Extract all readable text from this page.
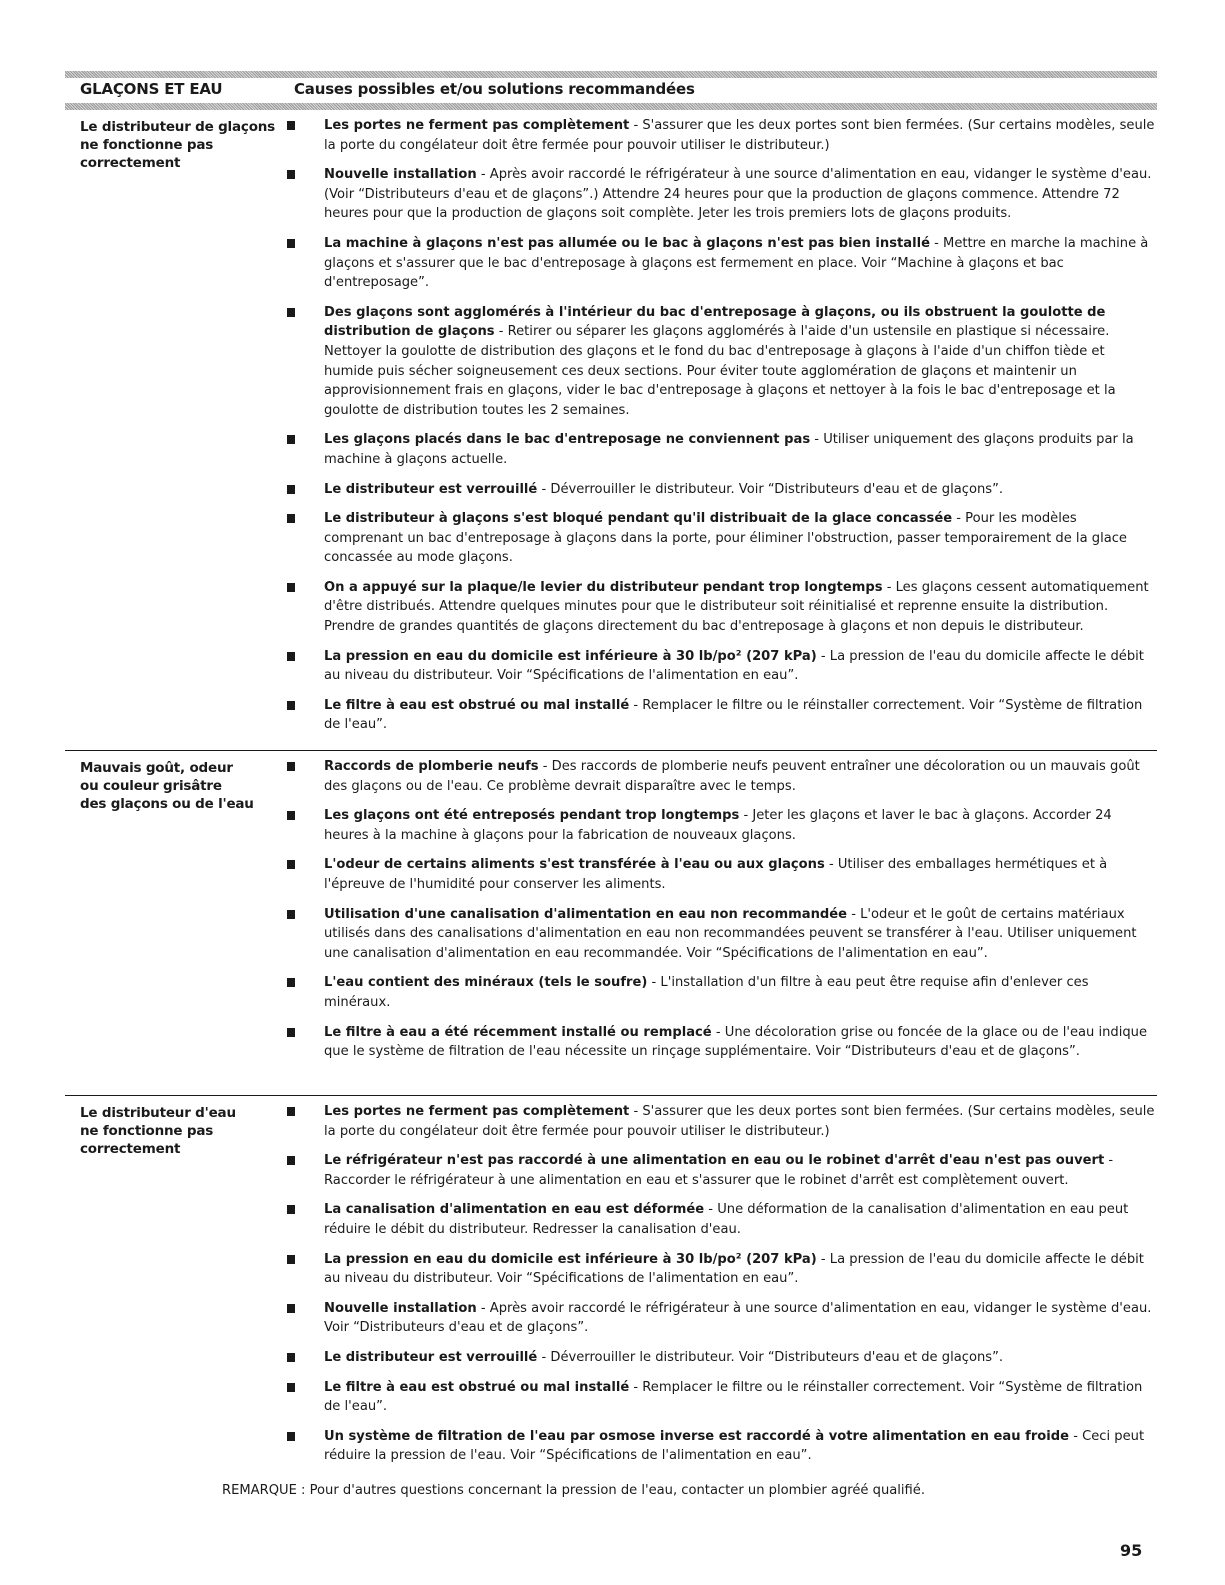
GLAÇONS ET EAU	Causes possibles et/ou solutions recommandées
Le distributeur de glaçons
ne fonctionne pas
correctement
Les portes ne ferment pas complètement - S'assurer que les deux portes sont bien fermées. (Sur certains modèles, seule la porte du congélateur doit être fermée pour pouvoir utiliser le distributeur.)
Nouvelle installation - Après avoir raccordé le réfrigérateur à une source d'alimentation en eau, vidanger le système d'eau. (Voir “Distributeurs d'eau et de glaçons”.) Attendre 24 heures pour que la production de glaçons commence. Attendre 72 heures pour que la production de glaçons soit complète. Jeter les trois premiers lots de glaçons produits.
La machine à glaçons n'est pas allumée ou le bac à glaçons n'est pas bien installé - Mettre en marche la machine à glaçons et s'assurer que le bac d'entreposage à glaçons est fermement en place. Voir “Machine à glaçons et bac d'entreposage”.
Des glaçons sont agglomérés à l'intérieur du bac d'entreposage à glaçons, ou ils obstruent la goulotte de distribution de glaçons - Retirer ou séparer les glaçons agglomérés à l'aide d'un ustensile en plastique si nécessaire. Nettoyer la goulotte de distribution des glaçons et le fond du bac d'entreposage à glaçons à l'aide d'un chiffon tiède et humide puis sécher soigneusement ces deux sections. Pour éviter toute agglomération de glaçons et maintenir un approvisionnement frais en glaçons, vider le bac d'entreposage à glaçons et nettoyer à la fois le bac d'entreposage et la goulotte de distribution toutes les 2 semaines.
Les glaçons placés dans le bac d'entreposage ne conviennent pas - Utiliser uniquement des glaçons produits par la machine à glaçons actuelle.
Le distributeur est verrouillé - Déverrouiller le distributeur. Voir “Distributeurs d'eau et de glaçons”.
Le distributeur à glaçons s'est bloqué pendant qu'il distribuait de la glace concassée - Pour les modèles comprenant un bac d'entreposage à glaçons dans la porte, pour éliminer l'obstruction, passer temporairement de la glace concassée au mode glaçons.
On a appuyé sur la plaque/le levier du distributeur pendant trop longtemps - Les glaçons cessent automatiquement d'être distribués. Attendre quelques minutes pour que le distributeur soit réinitialisé et reprenne ensuite la distribution. Prendre de grandes quantités de glaçons directement du bac d'entreposage à glaçons et non depuis le distributeur.
La pression en eau du domicile est inférieure à 30 lb/po² (207 kPa) - La pression de l'eau du domicile affecte le débit au niveau du distributeur. Voir “Spécifications de l'alimentation en eau”.
Le filtre à eau est obstrué ou mal installé - Remplacer le filtre ou le réinstaller correctement. Voir “Système de filtration de l'eau”.
Mauvais goût, odeur
ou couleur grisâtre
des glaçons ou de l'eau
Raccords de plomberie neufs - Des raccords de plomberie neufs peuvent entraîner une décoloration ou un mauvais goût des glaçons ou de l'eau. Ce problème devrait disparaître avec le temps.
Les glaçons ont été entreposés pendant trop longtemps - Jeter les glaçons et laver le bac à glaçons. Accorder 24 heures à la machine à glaçons pour la fabrication de nouveaux glaçons.
L'odeur de certains aliments s'est transférée à l'eau ou aux glaçons - Utiliser des emballages hermétiques et à l'épreuve de l'humidité pour conserver les aliments.
Utilisation d'une canalisation d'alimentation en eau non recommandée - L'odeur et le goût de certains matériaux utilisés dans des canalisations d'alimentation en eau non recommandées peuvent se transférer à l'eau. Utiliser uniquement une canalisation d'alimentation en eau recommandée. Voir “Spécifications de l'alimentation en eau”.
L'eau contient des minéraux (tels le soufre) - L'installation d'un filtre à eau peut être requise afin d'enlever ces minéraux.
Le filtre à eau a été récemment installé ou remplacé - Une décoloration grise ou foncée de la glace ou de l'eau indique que le système de filtration de l'eau nécessite un rinçage supplémentaire. Voir “Distributeurs d'eau et de glaçons”.
Le distributeur d'eau
ne fonctionne pas
correctement
Les portes ne ferment pas complètement - S'assurer que les deux portes sont bien fermées. (Sur certains modèles, seule la porte du congélateur doit être fermée pour pouvoir utiliser le distributeur.)
Le réfrigérateur n'est pas raccordé à une alimentation en eau ou le robinet d'arrêt d'eau n'est pas ouvert - Raccorder le réfrigérateur à une alimentation en eau et s'assurer que le robinet d'arrêt est complètement ouvert.
La canalisation d'alimentation en eau est déformée - Une déformation de la canalisation d'alimentation en eau peut réduire le débit du distributeur. Redresser la canalisation d'eau.
La pression en eau du domicile est inférieure à 30 lb/po² (207 kPa) - La pression de l'eau du domicile affecte le débit au niveau du distributeur. Voir “Spécifications de l'alimentation en eau”.
Nouvelle installation - Après avoir raccordé le réfrigérateur à une source d'alimentation en eau, vidanger le système d'eau. Voir “Distributeurs d'eau et de glaçons”.
Le distributeur est verrouillé - Déverrouiller le distributeur. Voir “Distributeurs d'eau et de glaçons”.
Le filtre à eau est obstrué ou mal installé - Remplacer le filtre ou le réinstaller correctement. Voir “Système de filtration de l'eau”.
Un système de filtration de l'eau par osmose inverse est raccordé à votre alimentation en eau froide - Ceci peut réduire la pression de l'eau. Voir “Spécifications de l'alimentation en eau”.
REMARQUE : Pour d'autres questions concernant la pression de l'eau, contacter un plombier agréé qualifié.
95
